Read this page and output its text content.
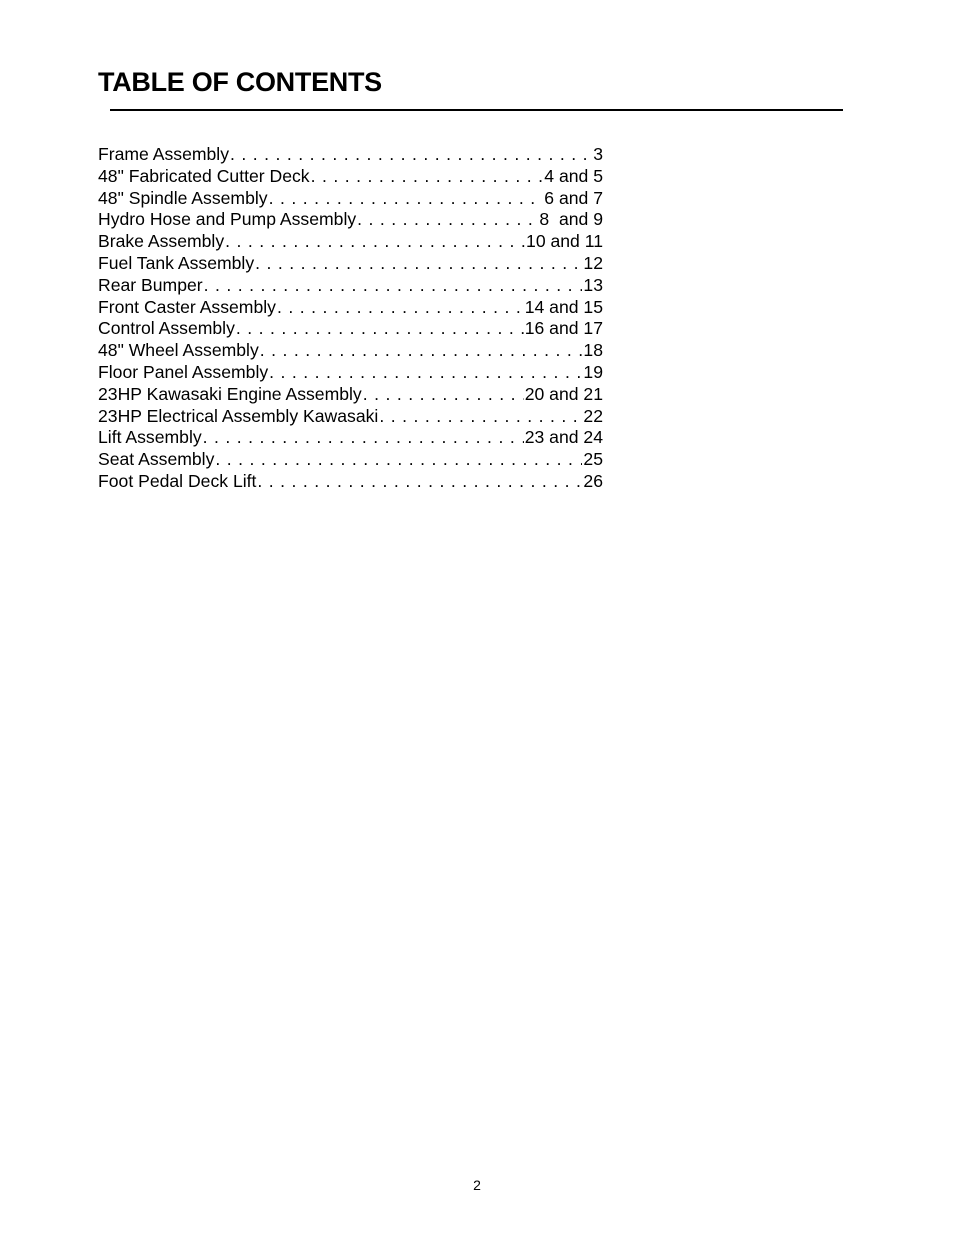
TABLE OF CONTENTS
Frame Assembly . . .	3
48" Fabricated Cutter Deck . . .	4 and 5
48" Spindle Assembly . . .	6 and 7
Hydro Hose and Pump Assembly . . .	8  and 9
Brake Assembly . . .	10 and 11
Fuel Tank Assembly . . .	12
Rear Bumper . . .	13
Front Caster Assembly . . .	14 and 15
Control Assembly . . .	16 and 17
48" Wheel Assembly . . .	18
Floor Panel Assembly . . .	19
23HP Kawasaki Engine Assembly . . .	20 and 21
23HP Electrical Assembly Kawasaki . . .	22
Lift Assembly . . .	23 and 24
Seat Assembly . . .	25
Foot Pedal Deck Lift . . .	26
2
